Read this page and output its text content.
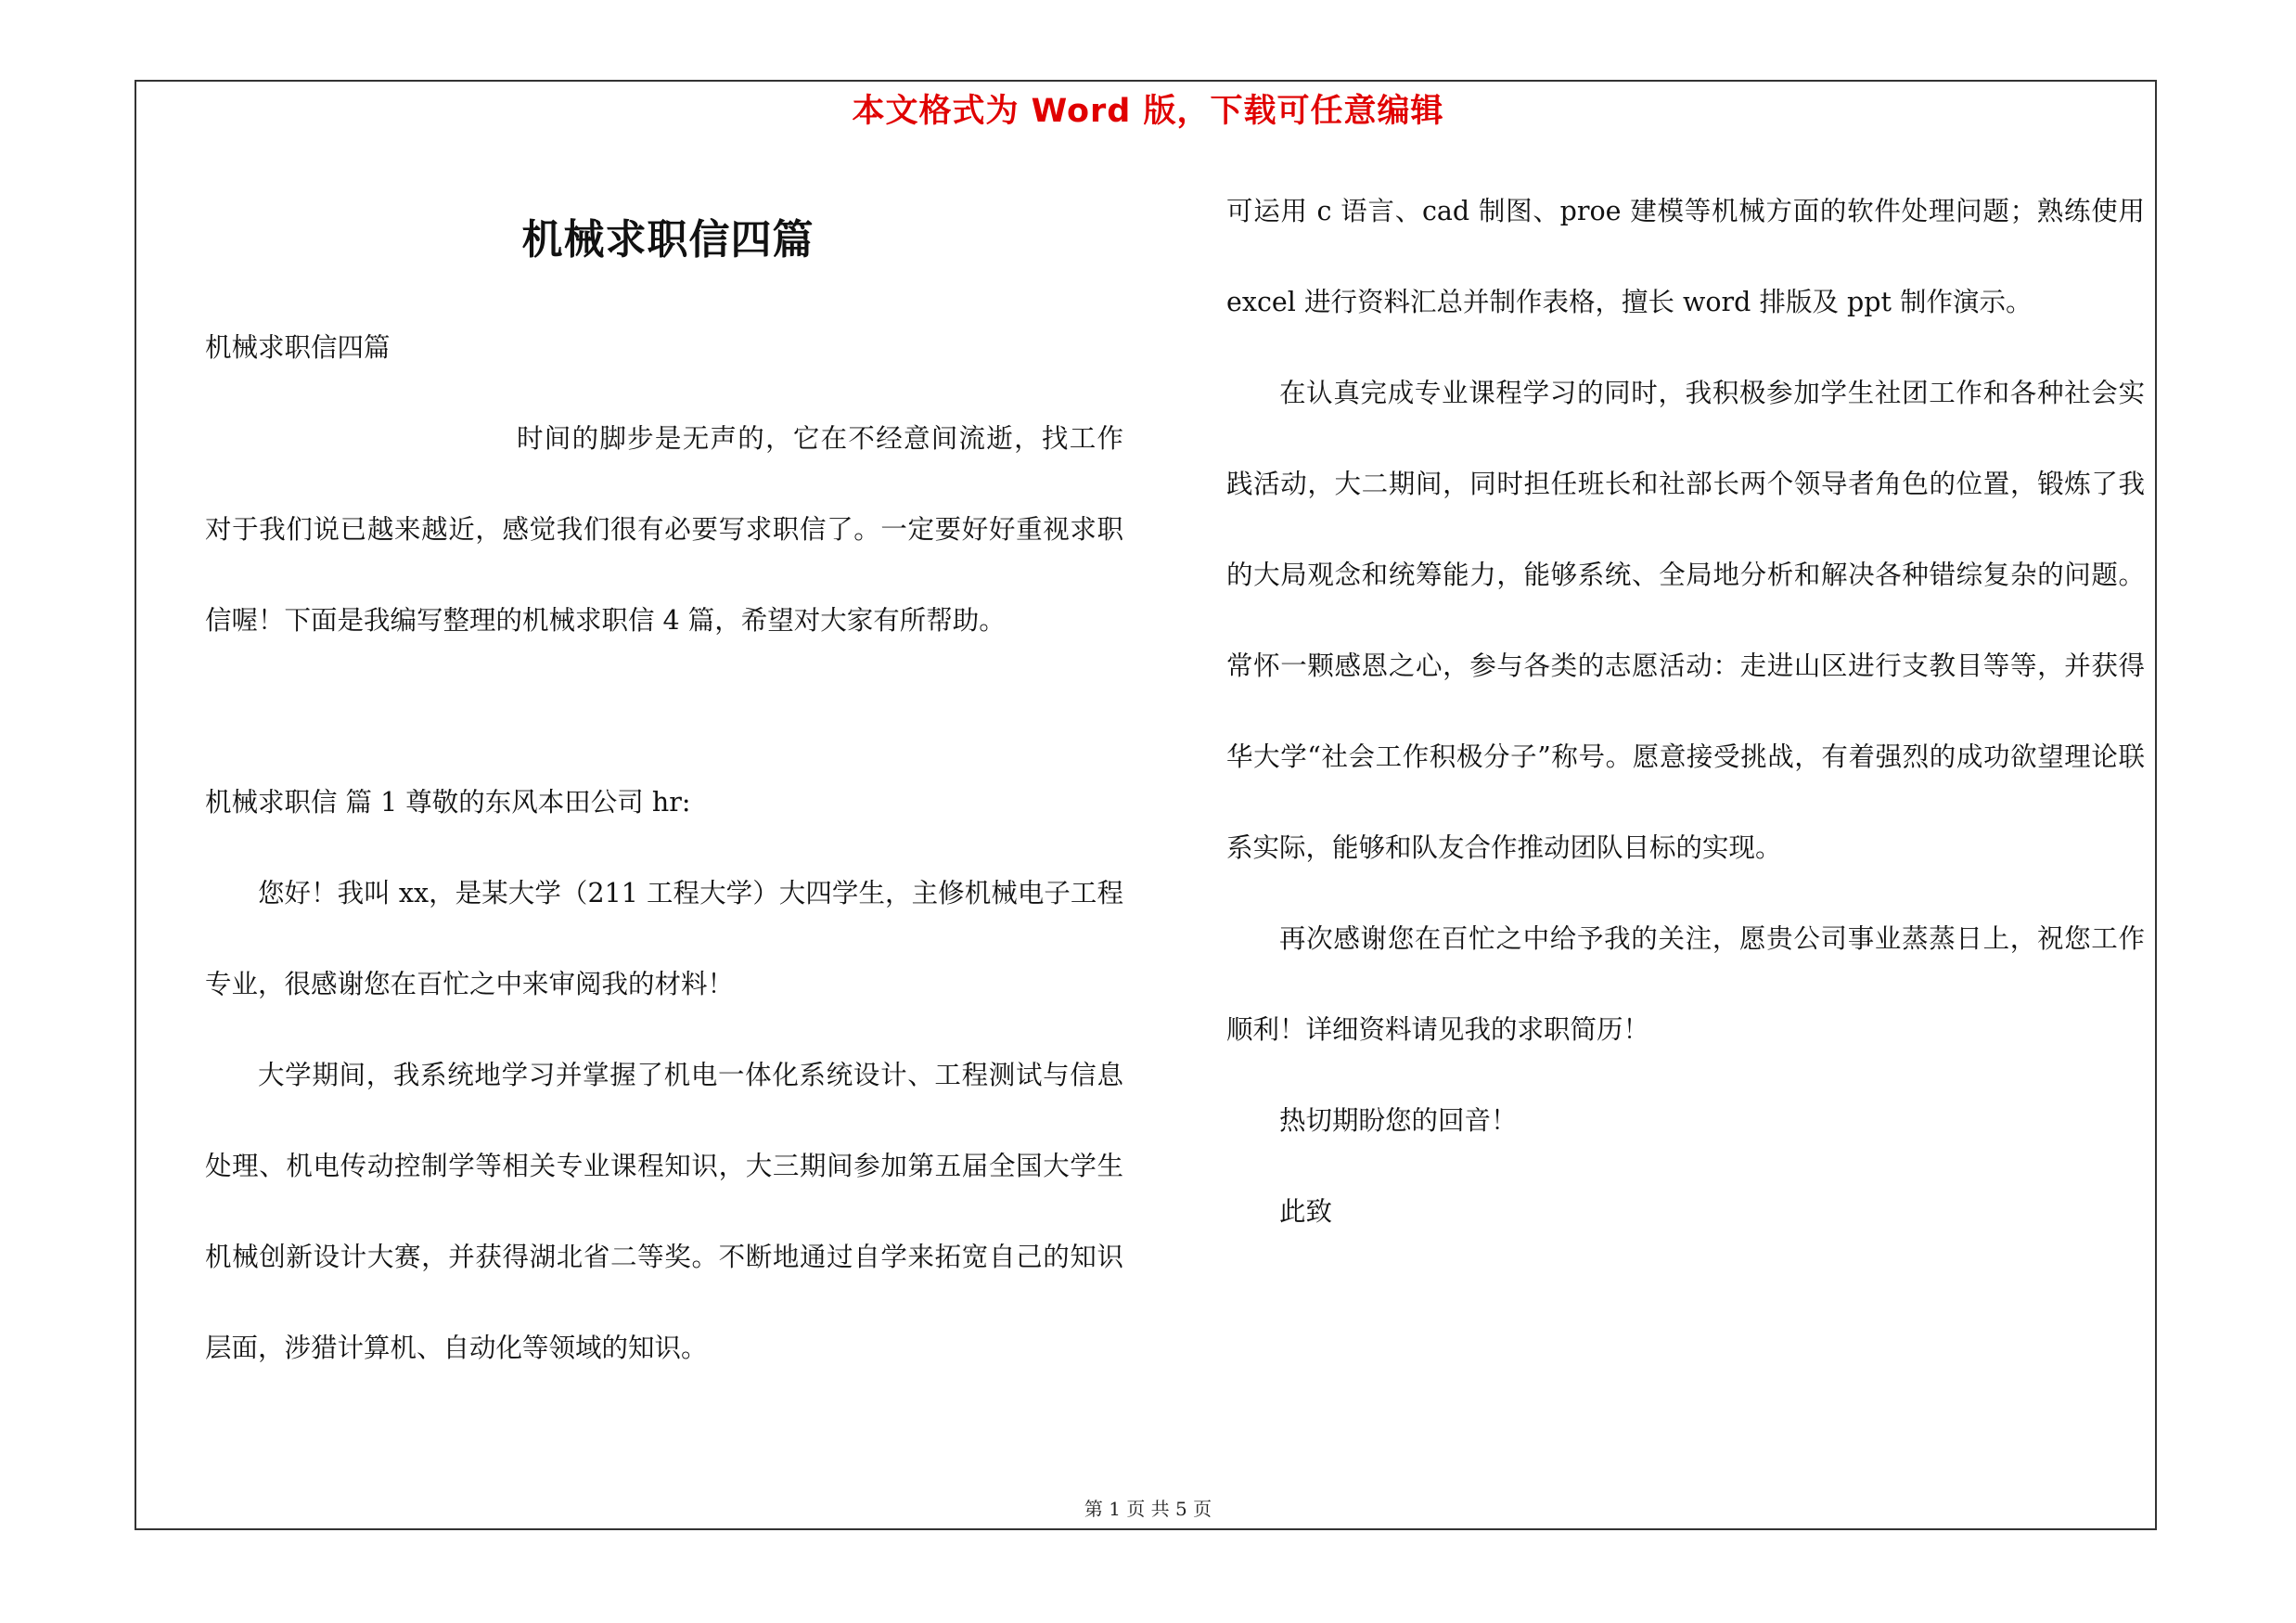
本文格式为 Word 版，下载可任意编辑
机械求职信四篇

机械求职信四篇

时间的脚步是无声的，它在不经意间流逝，找工作对于我们说已越来越近，感觉我们很有必要写求职信了。一定要好好重视求职信喔！下面是我编写整理的机械求职信 4 篇，希望对大家有所帮助。

机械求职信 篇 1 尊敬的东风本田公司 hr:

您好！我叫 xx，是某大学（211 工程大学）大四学生，主修机械电子工程专业，很感谢您在百忙之中来审阅我的材料！

大学期间，我系统地学习并掌握了机电一体化系统设计、工程测试与信息处理、机电传动控制学等相关专业课程知识，大三期间参加第五届全国大学生机械创新设计大赛，并获得湖北省二等奖。不断地通过自学来拓宽自己的知识层面，涉猎计算机、自动化等领域的知识。

可运用 c 语言、cad 制图、proe 建模等机械方面的软件处理问题；熟练使用 excel 进行资料汇总并制作表格，擅长 word 排版及 ppt 制作演示。

在认真完成专业课程学习的同时，我积极参加学生社团工作和各种社会实践活动，大二期间，同时担任班长和社部长两个领导者角色的位置，锻炼了我的大局观念和统筹能力，能够系统、全局地分析和解决各种错综复杂的问题。常怀一颗感恩之心，参与各类的志愿活动：走进山区进行支教目等等，并获得华大学“社会工作积极分子”称号。愿意接受挑战，有着强烈的成功欲望理论联系实际，能够和队友合作推动团队目标的实现。

再次感谢您在百忙之中给予我的关注，愿贵公司事业蒸蒸日上，祝您工作顺利！详细资料请见我的求职简历！

热切期盼您的回音！

此致

第 1 页 共 5 页
